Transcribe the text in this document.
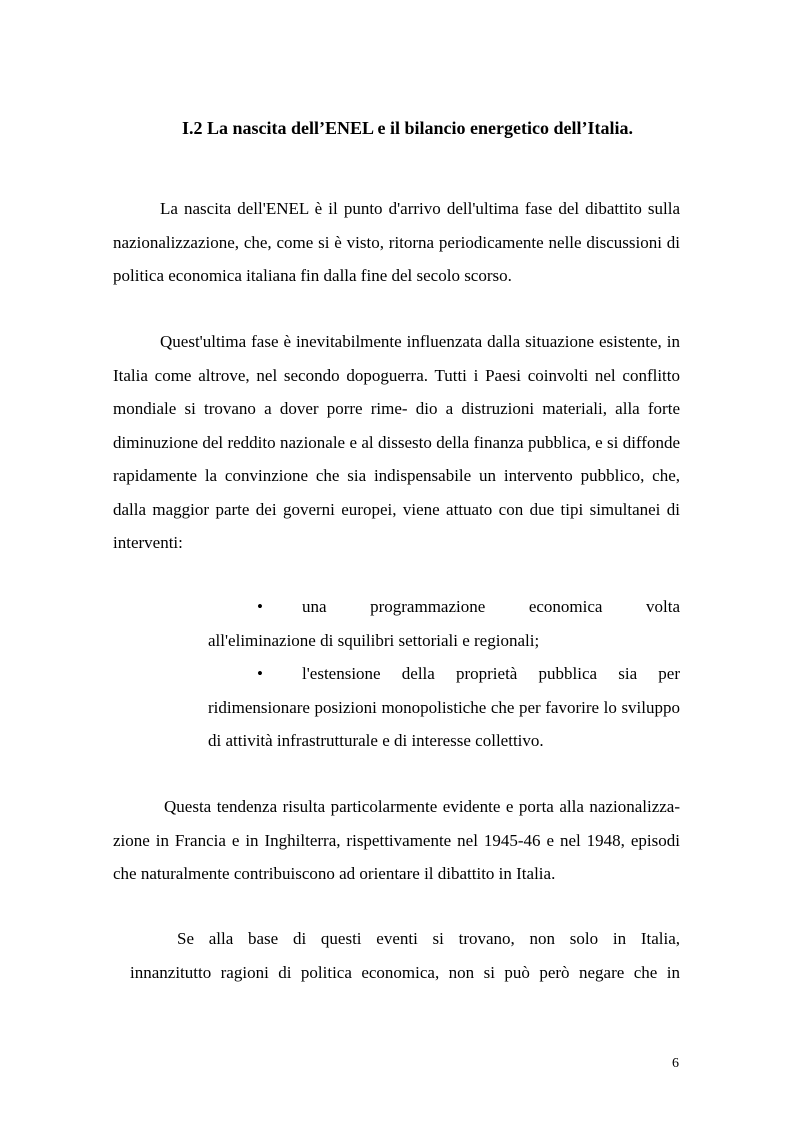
I.2 La nascita dell’ENEL e il bilancio energetico dell’Italia.

La nascita dell'ENEL è il punto d'arrivo dell'ultima fase del dibattito sulla nazionalizzazione, che, come si è visto, ritorna periodicamente nelle discussioni di politica economica italiana fin dalla fine del secolo scorso.

Quest'ultima fase è inevitabilmente influenzata dalla situazione esistente, in Italia come altrove, nel secondo dopoguerra. Tutti i Paesi coinvolti nel conflitto mondiale si trovano a dover porre rime- dio a distruzioni materiali, alla forte diminuzione del reddito nazionale e al dissesto della finanza pubblica, e si diffonde rapidamente la convinzione che sia indispensabile un intervento pubblico, che, dalla maggior parte dei governi europei, viene attuato con due tipi simultanei di interventi:

•	una programmazione economica volta
all'eliminazione di squilibri settoriali e regionali;
• l'estensione della proprietà pubblica sia per ridimensionare posizioni monopolistiche che per favorire lo sviluppo di attività infrastrutturale e di interesse collettivo.

Questa tendenza risulta particolarmente evidente e porta alla nazionalizza- zione in Francia e in Inghilterra, rispettivamente nel 1945-46 e nel 1948, episodi che naturalmente contribuiscono ad orientare il dibattito in Italia.

Se alla base di questi eventi si trovano, non solo in Italia,
innanzitutto ragioni di politica economica, non si può però negare che in

6
